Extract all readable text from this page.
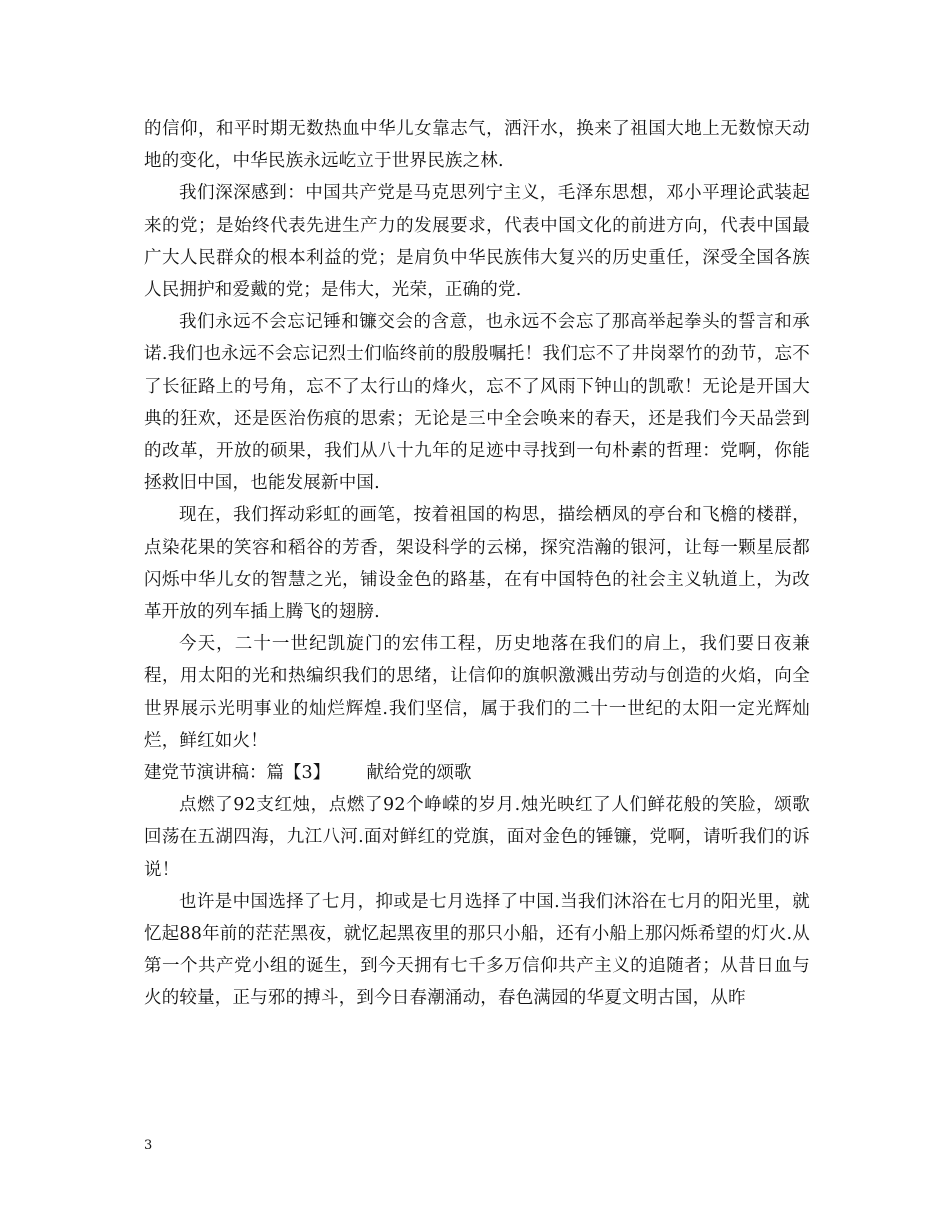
的信仰，和平时期无数热血中华儿女靠志气，洒汗水，换来了祖国大地上无数惊天动地的变化，中华民族永远屹立于世界民族之林.

我们深深感到：中国共产党是马克思列宁主义，毛泽东思想，邓小平理论武装起来的党；是始终代表先进生产力的发展要求，代表中国文化的前进方向，代表中国最广大人民群众的根本利益的党；是肩负中华民族伟大复兴的历史重任，深受全国各族人民拥护和爱戴的党；是伟大，光荣，正确的党.

我们永远不会忘记锤和镰交会的含意，也永远不会忘了那高举起拳头的誓言和承诺.我们也永远不会忘记烈士们临终前的殷殷嘱托！我们忘不了井岗翠竹的劲节，忘不了长征路上的号角，忘不了太行山的烽火，忘不了风雨下钟山的凯歌！无论是开国大典的狂欢，还是医治伤痕的思索；无论是三中全会唤来的春天，还是我们今天品尝到的改革，开放的硕果，我们从八十九年的足迹中寻找到一句朴素的哲理：党啊，你能拯救旧中国，也能发展新中国.

现在，我们挥动彩虹的画笔，按着祖国的构思，描绘栖凤的亭台和飞檐的楼群，点染花果的笑容和稻谷的芳香，架设科学的云梯，探究浩瀚的银河，让每一颗星辰都闪烁中华儿女的智慧之光，铺设金色的路基，在有中国特色的社会主义轨道上，为改革开放的列车插上腾飞的翅膀.

今天，二十一世纪凯旋门的宏伟工程，历史地落在我们的肩上，我们要日夜兼程，用太阳的光和热编织我们的思绪，让信仰的旗帜激溅出劳动与创造的火焰，向全世界展示光明事业的灿烂辉煌.我们坚信，属于我们的二十一世纪的太阳一定光辉灿烂，鲜红如火！

建党节演讲稿：篇【3】	献给党的颂歌

点燃了92支红烛，点燃了92个峥嵘的岁月.烛光映红了人们鲜花般的笑脸，颂歌回荡在五湖四海，九江八河.面对鲜红的党旗，面对金色的锤镰，党啊，请听我们的诉说！

也许是中国选择了七月，抑或是七月选择了中国.当我们沐浴在七月的阳光里，就忆起88年前的茫茫黑夜，就忆起黑夜里的那只小船，还有小船上那闪烁希望的灯火.从第一个共产党小组的诞生，到今天拥有七千多万信仰共产主义的追随者；从昔日血与火的较量，正与邪的搏斗，到今日春潮涌动，春色满园的华夏文明古国，从昨

3
